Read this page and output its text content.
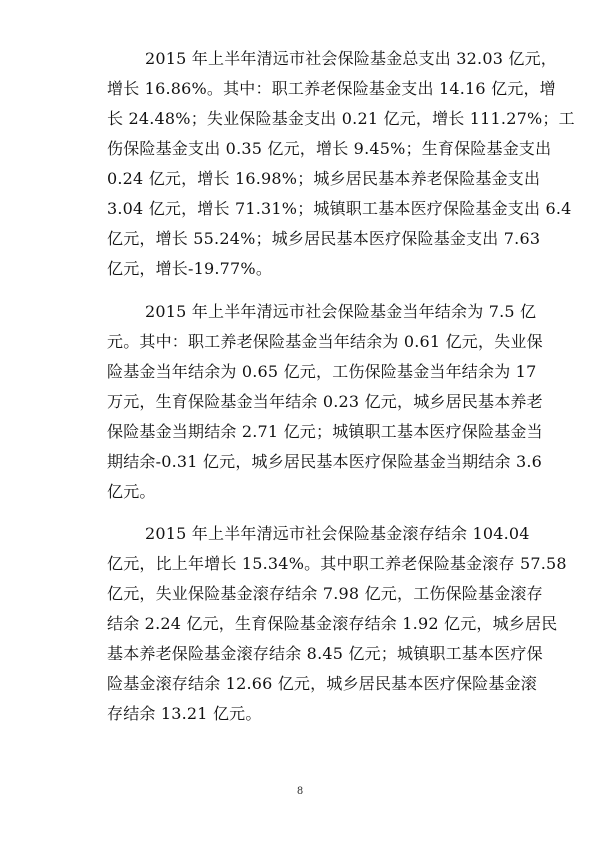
2015 年上半年清远市社会保险基金总支出 32.03 亿元，
增长 16.86%。其中：职工养老保险基金支出 14.16 亿元，增
长 24.48%；失业保险基金支出 0.21 亿元，增长 111.27%；工
伤保险基金支出 0.35 亿元，增长 9.45%；生育保险基金支出
0.24 亿元，增长 16.98%；城乡居民基本养老保险基金支出
3.04 亿元，增长 71.31%；城镇职工基本医疗保险基金支出 6.4
亿元，增长 55.24%；城乡居民基本医疗保险基金支出 7.63
亿元，增长-19.77%。
2015 年上半年清远市社会保险基金当年结余为 7.5 亿
元。其中：职工养老保险基金当年结余为 0.61 亿元，失业保
险基金当年结余为 0.65 亿元，工伤保险基金当年结余为 17
万元，生育保险基金当年结余 0.23 亿元，城乡居民基本养老
保险基金当期结余 2.71 亿元；城镇职工基本医疗保险基金当
期结余-0.31 亿元，城乡居民基本医疗保险基金当期结余 3.6
亿元。
2015 年上半年清远市社会保险基金滚存结余 104.04
亿元，比上年增长 15.34%。其中职工养老保险基金滚存 57.58
亿元，失业保险基金滚存结余 7.98 亿元，工伤保险基金滚存
结余 2.24 亿元，生育保险基金滚存结余 1.92 亿元，城乡居民
基本养老保险基金滚存结余 8.45 亿元；城镇职工基本医疗保
险基金滚存结余 12.66 亿元，城乡居民基本医疗保险基金滚
存结余 13.21 亿元。
8
